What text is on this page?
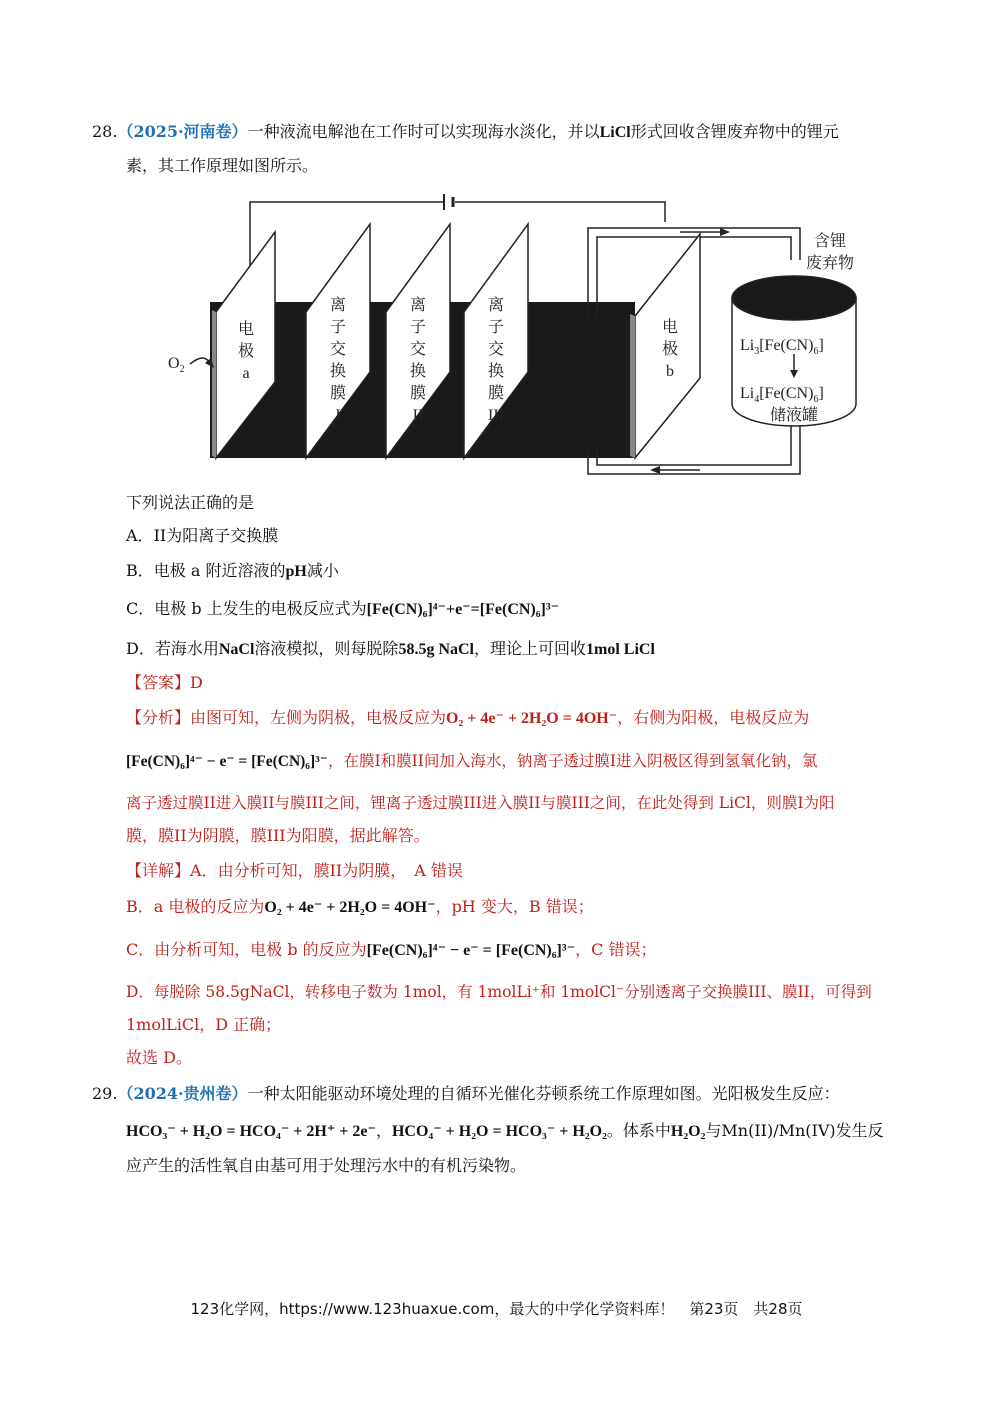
28.（2025·河南卷）一种液流电解池在工作时可以实现海水淡化，并以LiCl形式回收含锂废弃物中的锂元
素，其工作原理如图所示。
$O_2$
电
极
a
离
子
交
换
膜
I
离
子
交
换
膜
II
离
子
交
换
膜
III
电
极
b
含锂
废弃物
$Li_3[Fe(CN)_6]$
$Li_4[Fe(CN)_6]$
储液罐
下列说法正确的是
A．II为阳离子交换膜
B．电极 a 附近溶液的pH减小
C．电极 b 上发生的电极反应式为[Fe(CN)₆]⁴⁻+e⁻=[Fe(CN)₆]³⁻
D．若海水用NaCl溶液模拟，则每脱除58.5g NaCl，理论上可回收1mol LiCl
【答案】D
【分析】由图可知，左侧为阴极，电极反应为O₂ + 4e⁻ + 2H₂O = 4OH⁻，右侧为阳极，电极反应为
[Fe(CN)₆]⁴⁻ − e⁻ = [Fe(CN)₆]³⁻，在膜I和膜II间加入海水，钠离子透过膜I进入阴极区得到氢氧化钠，氯
离子透过膜II进入膜II与膜III之间，锂离子透过膜III进入膜II与膜III之间，在此处得到 LiCl，则膜I为阳
膜，膜II为阴膜，膜III为阳膜，据此解答。
【详解】A．由分析可知，膜II为阴膜，　A 错误
B．a 电极的反应为O₂ + 4e⁻ + 2H₂O = 4OH⁻，pH 变大，B 错误；
C．由分析可知，电极 b 的反应为[Fe(CN)₆]⁴⁻ − e⁻ = [Fe(CN)₆]³⁻，C 错误；
D．每脱除 58.5gNaCl，转移电子数为 1mol，有 1molLi⁺和 1molCl⁻分别透离子交换膜III、膜II，可得到
1molLiCl，D 正确；
故选 D。
29.（2024·贵州卷）一种太阳能驱动环境处理的自循环光催化芬顿系统工作原理如图。光阳极发生反应：
HCO₃⁻ + H₂O = HCO₄⁻ + 2H⁺ + 2e⁻，HCO₄⁻ + H₂O = HCO₃⁻ + H₂O₂。体系中H₂O₂与Mn(II)/Mn(IV)发生反
应产生的活性氧自由基可用于处理污水中的有机污染物。
123化学网，https://www.123huaxue.com，最大的中学化学资料库！　第23页　共28页
